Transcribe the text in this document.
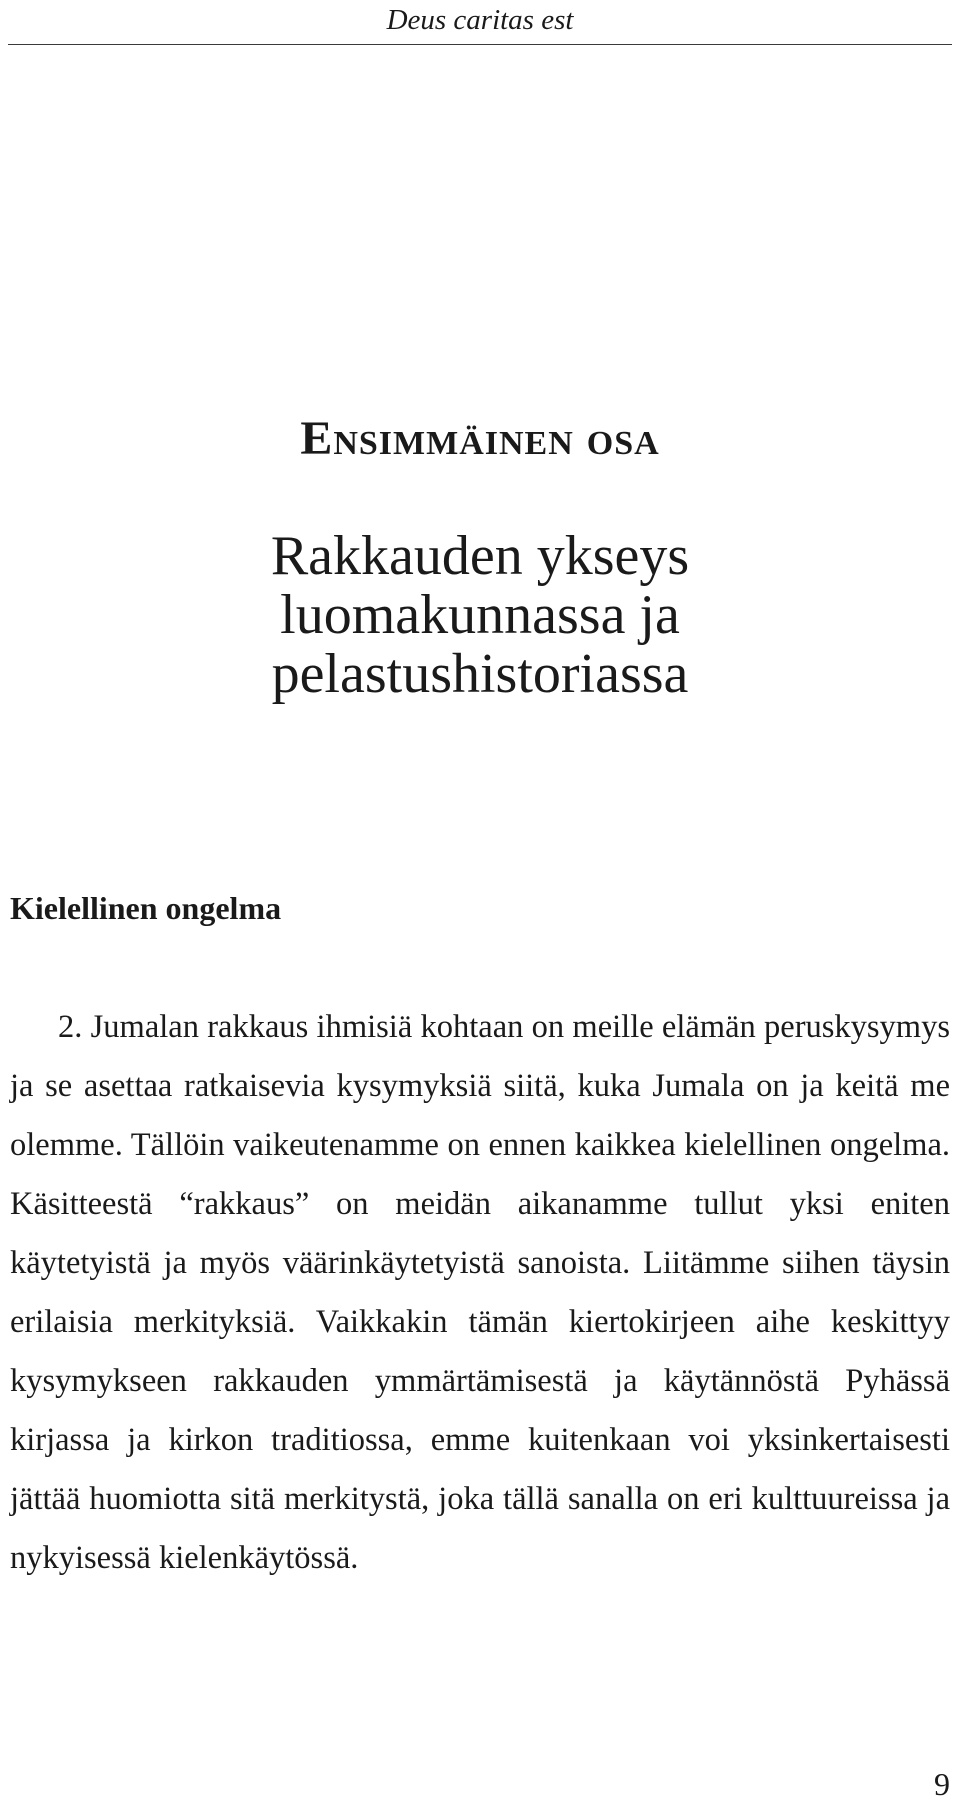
Deus caritas est
Ensimmäinen osa
Rakkauden ykseys luomakunnassa ja pelastushistoriassa
Kielellinen ongelma

2. Jumalan rakkaus ihmisiä kohtaan on meille elämän peruskysymys ja se asettaa ratkaisevia kysymyksiä siitä, kuka Jumala on ja keitä me olemme. Tällöin vaikeutenamme on ennen kaikkea kielellinen ongelma. Käsitteestä “rakkaus” on meidän aikanamme tullut yksi eniten käytetyistä ja myös väärinkäytetyistä sanoista. Liitämme siihen täysin erilaisia merkityksiä. Vaikkakin tämän kiertokirjeen aihe keskittyy kysymykseen rakkauden ymmärtämisestä ja käytännöstä Pyhässä kirjassa ja kirkon traditiossa, emme kuitenkaan voi yksinkertaisesti jättää huomiotta sitä merkitystä, joka tällä sanalla on eri kulttuureissa ja nykyisessä kielenkäytössä.

9
